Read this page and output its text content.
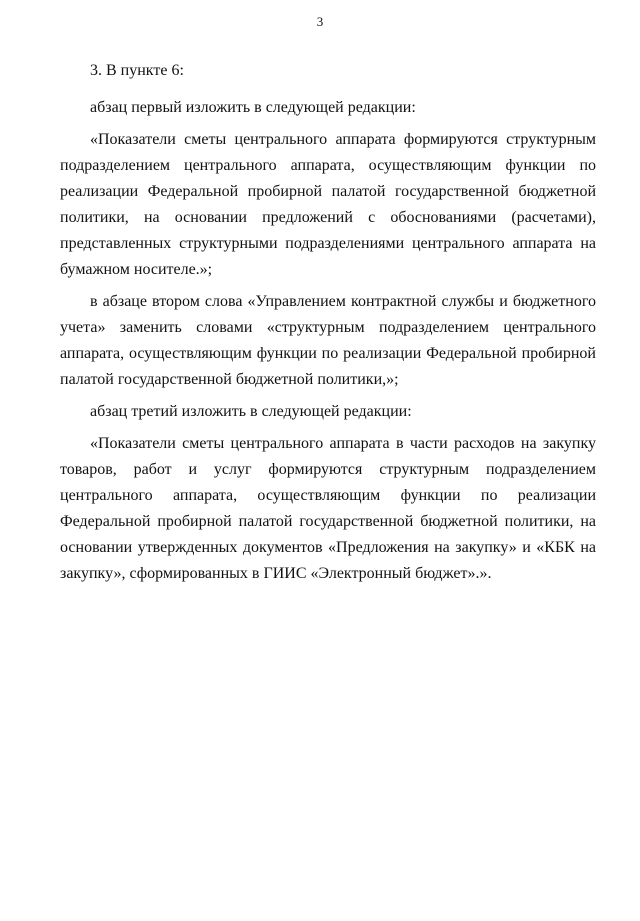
3

3. В пункте 6:

абзац первый изложить в следующей редакции:

«Показатели сметы центрального аппарата формируются структурным подразделением центрального аппарата, осуществляющим функции по реализации Федеральной пробирной палатой государственной бюджетной политики, на основании предложений с обоснованиями (расчетами), представленных структурными подразделениями центрального аппарата на бумажном носителе.»;

в абзаце втором слова «Управлением контрактной службы и бюджетного учета» заменить словами «структурным подразделением центрального аппарата, осуществляющим функции по реализации Федеральной пробирной палатой государственной бюджетной политики,»;

абзац третий изложить в следующей редакции:

«Показатели сметы центрального аппарата в части расходов на закупку товаров, работ и услуг формируются структурным подразделением центрального аппарата, осуществляющим функции по реализации Федеральной пробирной палатой государственной бюджетной политики, на основании утвержденных документов «Предложения на закупку» и «КБК на закупку», сформированных в ГИИС «Электронный бюджет».».
